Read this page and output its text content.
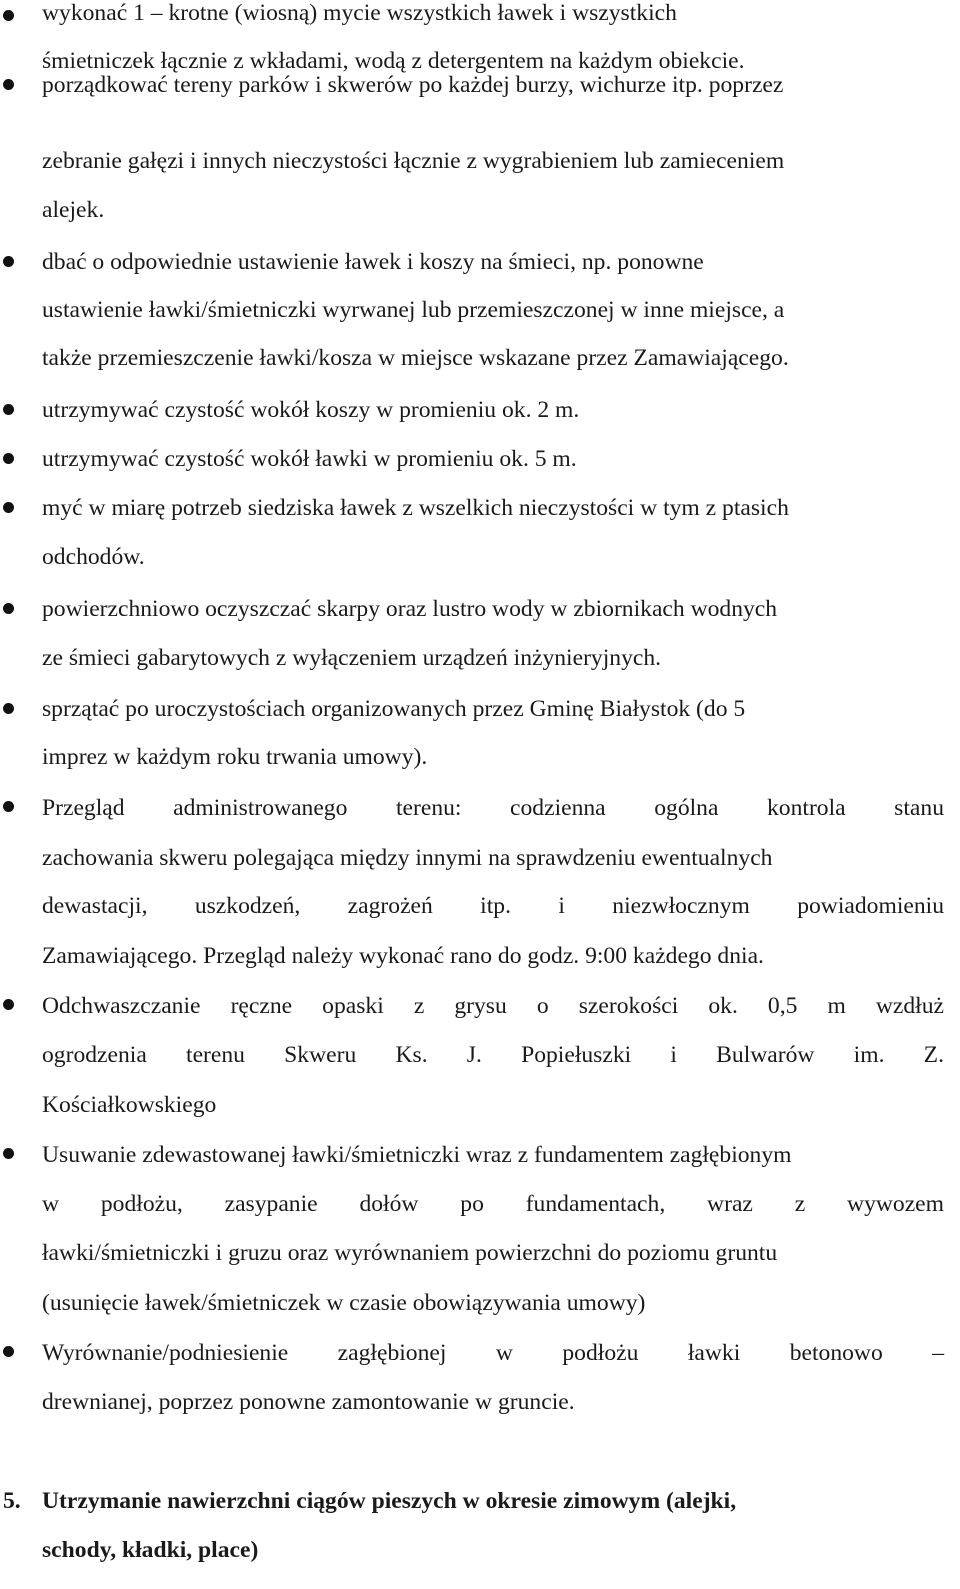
wykonać 1 – krotne (wiosną) mycie wszystkich ławek i wszystkich
śmietniczek łącznie z wkładami, wodą z detergentem na każdym obiekcie.
porządkować tereny parków i skwerów po każdej burzy, wichurze itp. poprzez
zebranie gałęzi i innych nieczystości łącznie z wygrabieniem lub zamieceniem
alejek.
dbać o odpowiednie ustawienie ławek i koszy na śmieci, np. ponowne
ustawienie ławki/śmietniczki wyrwanej lub przemieszczonej w inne miejsce, a
także przemieszczenie ławki/kosza w miejsce wskazane przez Zamawiającego.
utrzymywać czystość wokół koszy w promieniu ok. 2 m.
utrzymywać czystość wokół ławki w promieniu ok. 5 m.
myć w miarę potrzeb siedziska ławek z wszelkich nieczystości w tym z ptasich
odchodów.
powierzchniowo oczyszczać skarpy oraz lustro wody w zbiornikach wodnych
ze śmieci gabarytowych z wyłączeniem urządzeń inżynieryjnych.
sprzątać po uroczystościach organizowanych przez Gminę Białystok (do 5
imprez w każdym roku trwania umowy).
Przegląd administrowanego terenu: codzienna ogólna kontrola stanu
zachowania skweru polegająca między innymi na sprawdzeniu ewentualnych
dewastacji, uszkodzeń, zagrożeń itp. i niezwłocznym powiadomieniu
Zamawiającego. Przegląd należy wykonać rano do godz. 9:00 każdego dnia.
Odchwaszczanie ręczne opaski z grysu o szerokości ok. 0,5 m wzdłuż
ogrodzenia terenu Skweru Ks. J. Popiełuszki i Bulwarów im. Z.
Kościałkowskiego
Usuwanie zdewastowanej ławki/śmietniczki wraz z fundamentem zagłębionym
w podłożu, zasypanie dołów po fundamentach, wraz z wywozem
ławki/śmietniczki i gruzu oraz wyrównaniem powierzchni do poziomu gruntu
(usunięcie ławek/śmietniczek w czasie obowiązywania umowy)
Wyrównanie/podniesienie zagłębionej w podłożu ławki betonowo –
drewnianej, poprzez ponowne zamontowanie w gruncie.
5. Utrzymanie nawierzchni ciągów pieszych w okresie zimowym (alejki,
schody, kładki, place)
